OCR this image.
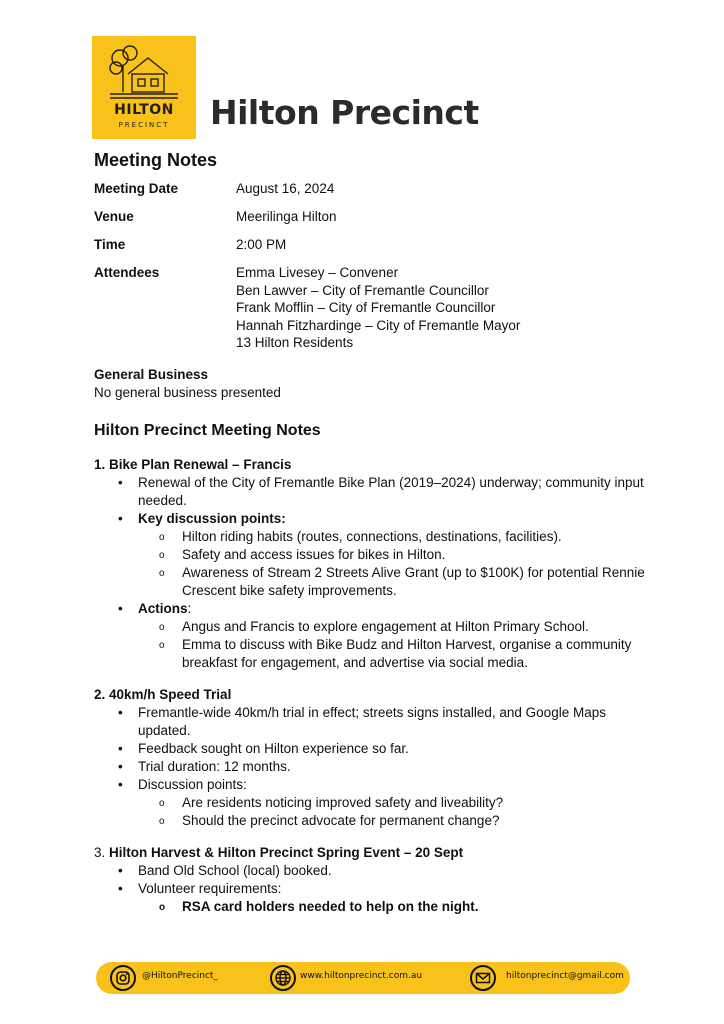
HILTON
PRECINCT	Hilton Precinct
Meeting Notes
Meeting Date	August 16, 2024
Venue	Meerilinga Hilton
Time	2:00 PM
Attendees	Emma Livesey – Convener
Ben Lawver – City of Fremantle Councillor
Frank Mofflin – City of Fremantle Councillor
Hannah Fitzhardinge – City of Fremantle Mayor
13 Hilton Residents
General Business
No general business presented
Hilton Precinct Meeting Notes
1. Bike Plan Renewal – Francis
• Renewal of the City of Fremantle Bike Plan (2019–2024) underway; community input needed.
• Key discussion points:
o Hilton riding habits (routes, connections, destinations, facilities).
o Safety and access issues for bikes in Hilton.
o Awareness of Stream 2 Streets Alive Grant (up to $100K) for potential Rennie Crescent bike safety improvements.
• Actions:
o Angus and Francis to explore engagement at Hilton Primary School.
o Emma to discuss with Bike Budz and Hilton Harvest, organise a community breakfast for engagement, and advertise via social media.
2. 40km/h Speed Trial
• Fremantle-wide 40km/h trial in effect; streets signs installed, and Google Maps updated.
• Feedback sought on Hilton experience so far.
• Trial duration: 12 months.
• Discussion points:
o Are residents noticing improved safety and liveability?
o Should the precinct advocate for permanent change?
3. Hilton Harvest & Hilton Precinct Spring Event – 20 Sept
• Band Old School (local) booked.
• Volunteer requirements:
o RSA card holders needed to help on the night.
@HiltonPrecinct_	www.hiltonprecinct.com.au	hiltonprecinct@gmail.com
